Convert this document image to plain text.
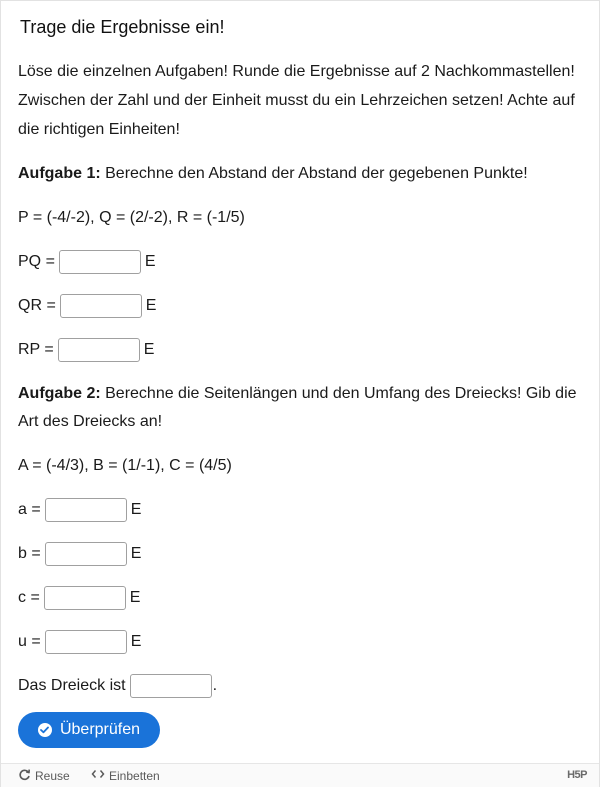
Trage die Ergebnisse ein!

Löse die einzelnen Aufgaben! Runde die Ergebnisse auf 2 Nachkommastellen! Zwischen der Zahl und der Einheit musst du ein Lehrzeichen setzen! Achte auf die richtigen Einheiten!

Aufgabe 1: Berechne den Abstand der Abstand der gegebenen Punkte!

P = (-4/-2), Q = (2/-2), R = (-1/5)
PQ =	E
QR =	E
RP =	E

Aufgabe 2: Berechne die Seitenlängen und den Umfang des Dreiecks! Gib die Art des Dreiecks an!

A = (-4/3), B = (1/-1), C = (4/5)
a =	E
b =	E
c =	E
u =	E
Das Dreieck ist	.
Überprüfen
Reuse	Einbetten	H5P
